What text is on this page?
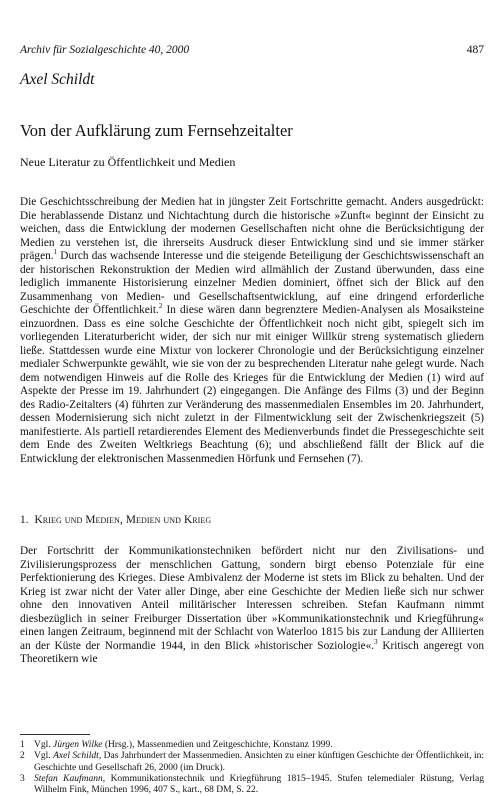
Archiv für Sozialgeschichte 40, 2000	487
Axel Schildt
Von der Aufklärung zum Fernsehzeitalter
Neue Literatur zu Öffentlichkeit und Medien
Die Geschichtsschreibung der Medien hat in jüngster Zeit Fortschritte gemacht. Anders ausgedrückt: Die herablassende Distanz und Nichtachtung durch die historische »Zunft« beginnt der Einsicht zu weichen, dass die Entwicklung der modernen Gesellschaften nicht ohne die Berücksichtigung der Medien zu verstehen ist, die ihrerseits Ausdruck dieser Entwicklung sind und sie immer stärker prägen.$^1$ Durch das wachsende Interesse und die steigende Beteiligung der Geschichtswissenschaft an der historischen Rekonstruktion der Medien wird allmählich der Zustand überwunden, dass eine lediglich immanente Historisierung einzelner Medien dominiert, öffnet sich der Blick auf den Zusammenhang von Medien- und Gesellschaftsentwicklung, auf eine dringend erforderliche Geschichte der Öffentlichkeit.$^2$ In diese wären dann begrenztere Medien-Analysen als Mosaiksteine einzuordnen. Dass es eine solche Geschichte der Öffentlichkeit noch nicht gibt, spiegelt sich im vorliegenden Literaturbericht wider, der sich nur mit einiger Willkür streng systematisch gliedern ließe. Stattdessen wurde eine Mixtur von lockerer Chronologie und der Berücksichtigung einzelner medialer Schwerpunkte gewählt, wie sie von der zu besprechenden Literatur nahe gelegt wurde. Nach dem notwendigen Hinweis auf die Rolle des Krieges für die Entwicklung der Medien (1) wird auf Aspekte der Presse im 19. Jahrhundert (2) eingegangen. Die Anfänge des Films (3) und der Beginn des Radio-Zeitalters (4) führten zur Veränderung des massenmedialen Ensembles im 20. Jahrhundert, dessen Modernisierung sich nicht zuletzt in der Filmentwicklung seit der Zwischenkriegszeit (5) manifestierte. Als partiell retardierendes Element des Medienverbunds findet die Pressegeschichte seit dem Ende des Zweiten Weltkriegs Beachtung (6); und abschließend fällt der Blick auf die Entwicklung der elektronischen Massenmedien Hörfunk und Fernsehen (7).
1. Krieg und Medien, Medien und Krieg
Der Fortschritt der Kommunikationstechniken befördert nicht nur den Zivilisations- und Zivilisierungsprozess der menschlichen Gattung, sondern birgt ebenso Potenziale für eine Perfektionierung des Krieges. Diese Ambivalenz der Moderne ist stets im Blick zu behalten. Und der Krieg ist zwar nicht der Vater aller Dinge, aber eine Geschichte der Medien ließe sich nur schwer ohne den innovativen Anteil militärischer Interessen schreiben. Stefan Kaufmann nimmt diesbezüglich in seiner Freiburger Dissertation über »Kommunikationstechnik und Kriegführung« einen langen Zeitraum, beginnend mit der Schlacht von Waterloo 1815 bis zur Landung der Alliierten an der Küste der Normandie 1944, in den Blick »historischer Soziologie«.$^3$ Kritisch angeregt von Theoretikern wie
1 Vgl. Jürgen Wilke (Hrsg.), Massenmedien und Zeitgeschichte, Konstanz 1999.
2 Vgl. Axel Schildt, Das Jahrhundert der Massenmedien. Ansichten zu einer künftigen Geschichte der Öffentlichkeit, in: Geschichte und Gesellschaft 26, 2000 (im Druck).
3 Stefan Kaufmann, Kommunikationstechnik und Kriegführung 1815–1945. Stufen telemedialer Rüstung, Verlag Wilhelm Fink, München 1996, 407 S., kart., 68 DM, S. 22.
